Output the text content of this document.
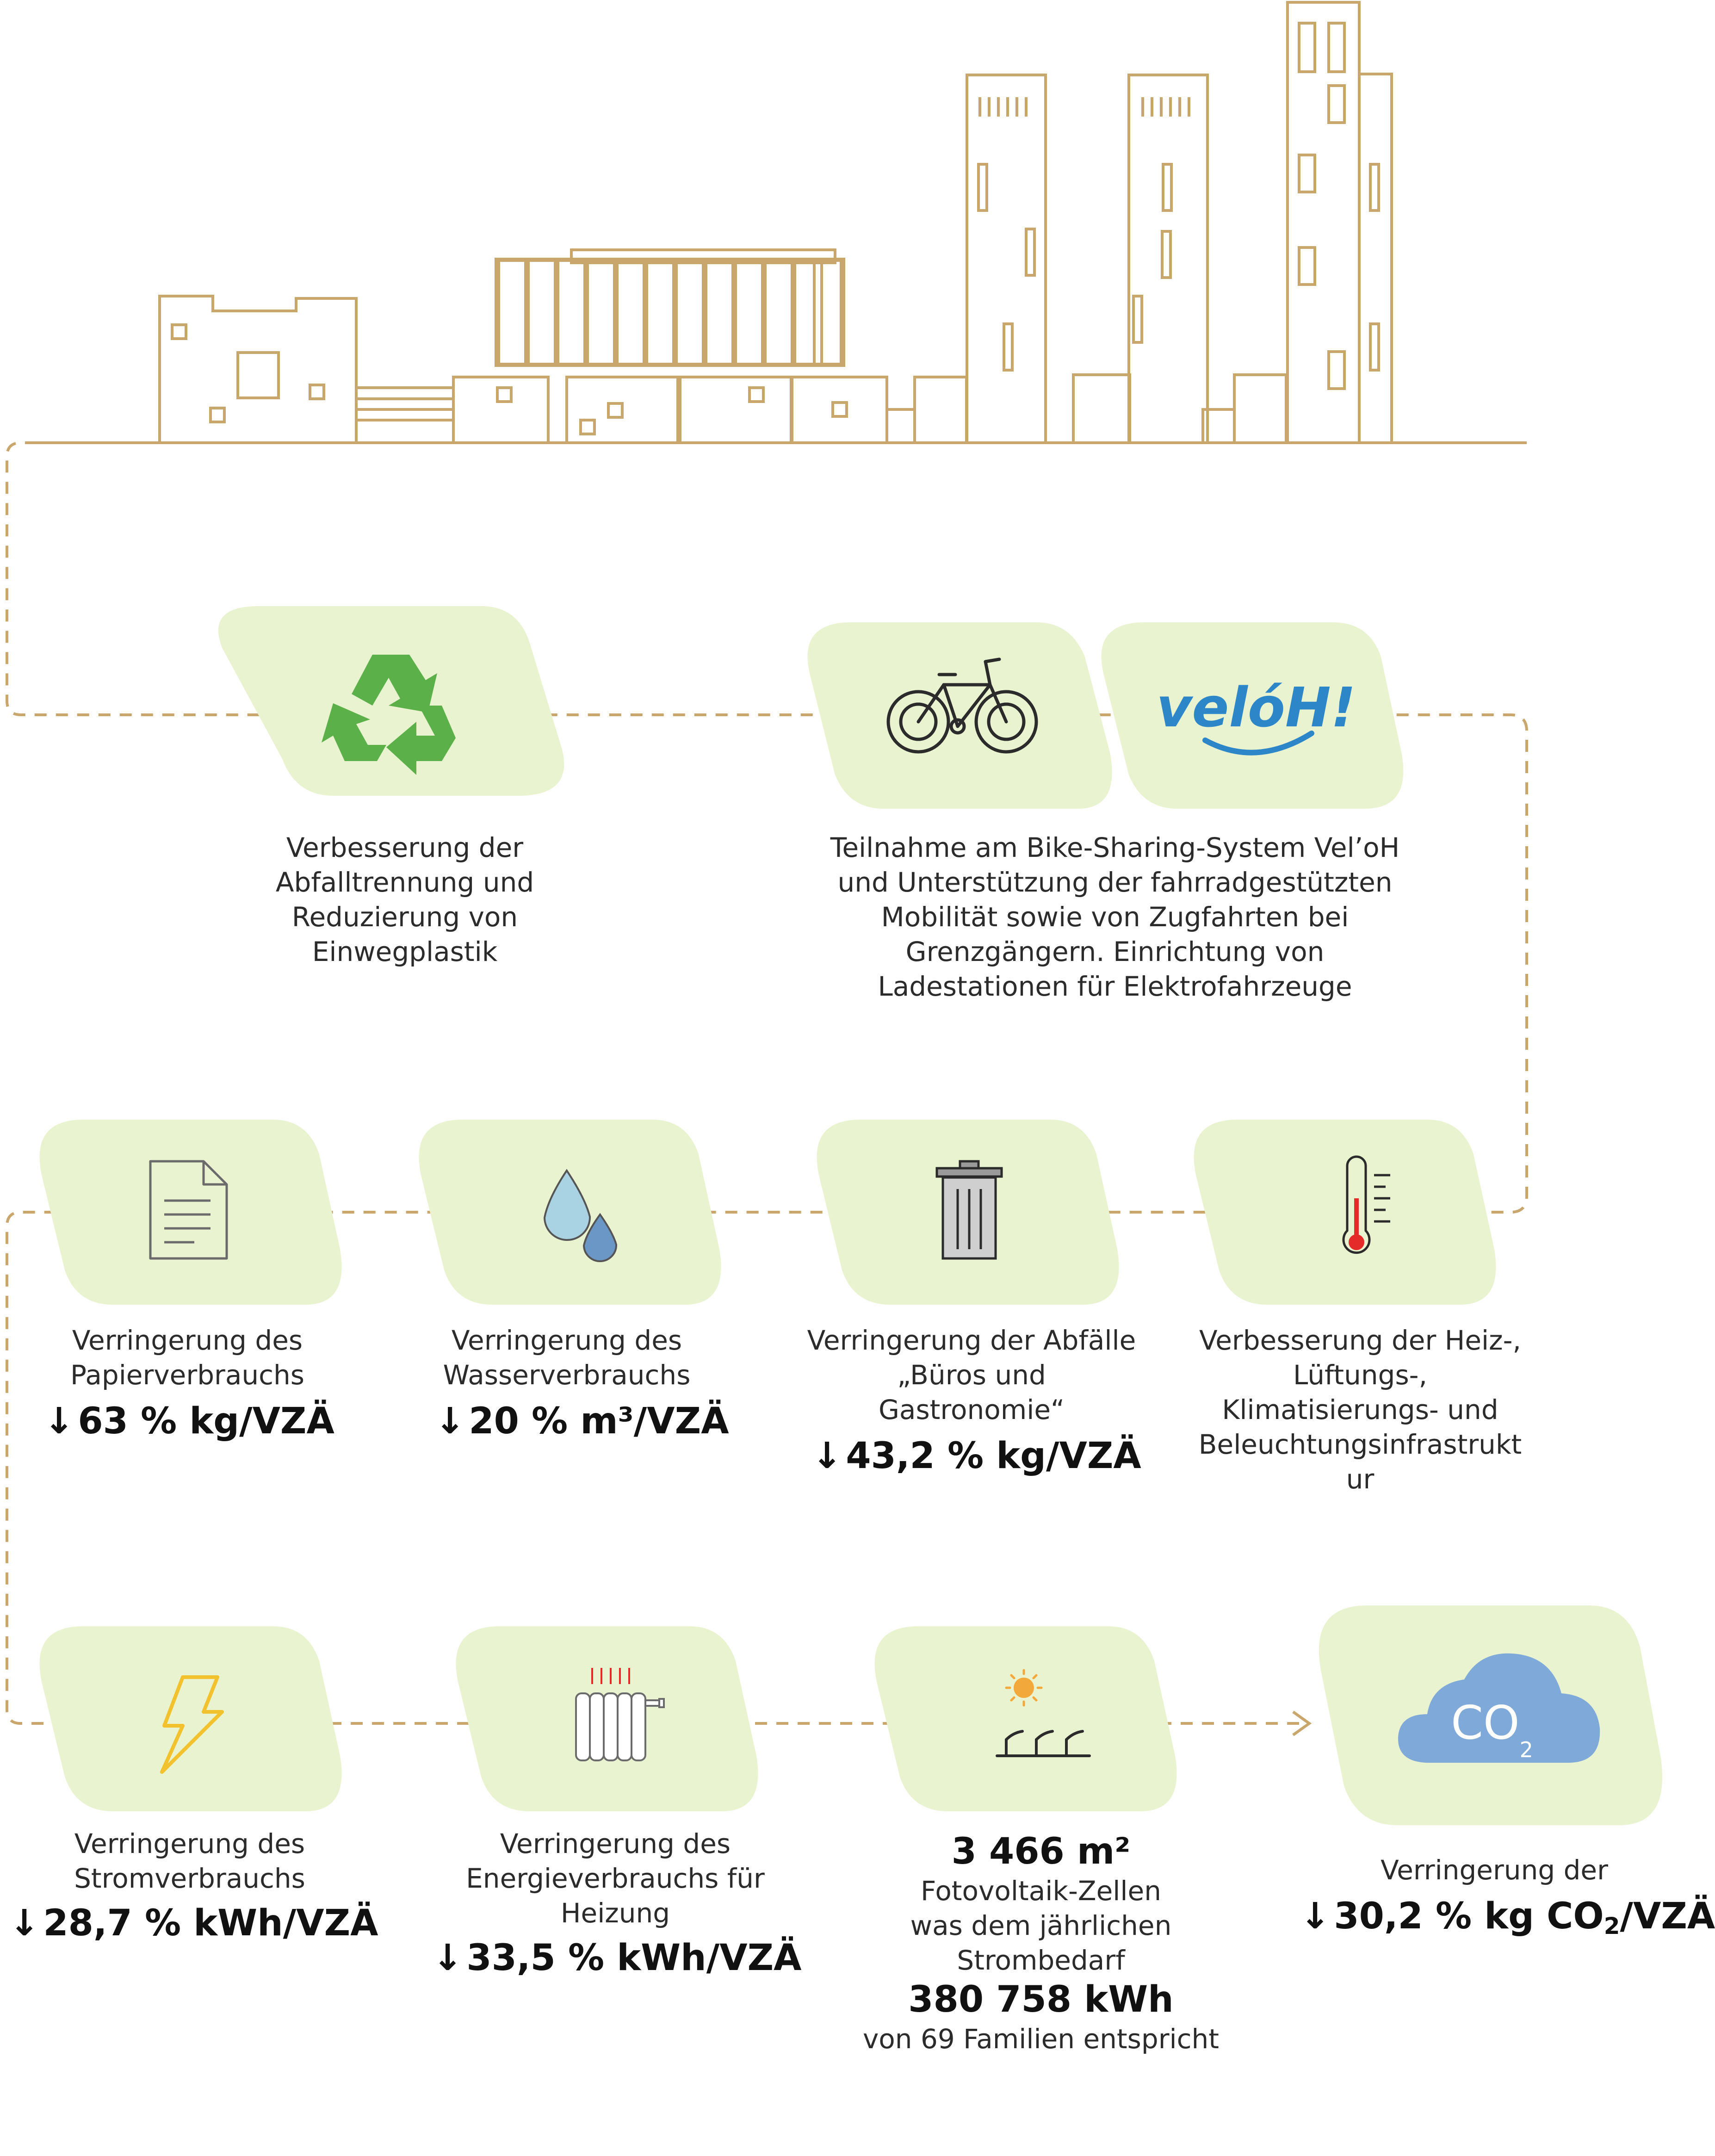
velóH!
$CO_2$
Verbesserung der
Abfalltrennung und
Reduzierung von
Einwegplastik
Teilnahme am Bike-Sharing-System Vel’oH
und Unterstützung der fahrradgestützten
Mobilität sowie von Zugfahrten bei
Grenzgängern. Einrichtung von
Ladestationen für Elektrofahrzeuge
Verringerung des
Papierverbrauchs
↓ 63 % kg/VZÄ
Verringerung des
Wasserverbrauchs
↓ 20 % m³/VZÄ
Verringerung der Abfälle
„Büros und
Gastronomie“
↓ 43,2 % kg/VZÄ
Verbesserung der Heiz-,
Lüftungs-,
Klimatisierungs- und
Beleuchtungsinfrastrukt
ur
Verringerung des
Stromverbrauchs
↓ 28,7 % kWh/VZÄ
Verringerung des
Energieverbrauchs für
Heizung
↓ 33,5 % kWh/VZÄ
3 466 m²
Fotovoltaik-Zellen
was dem jährlichen
Strombedarf
380 758 kWh
von 69 Familien entspricht
Verringerung der
↓ 30,2 % kg $CO_2$/VZÄ
